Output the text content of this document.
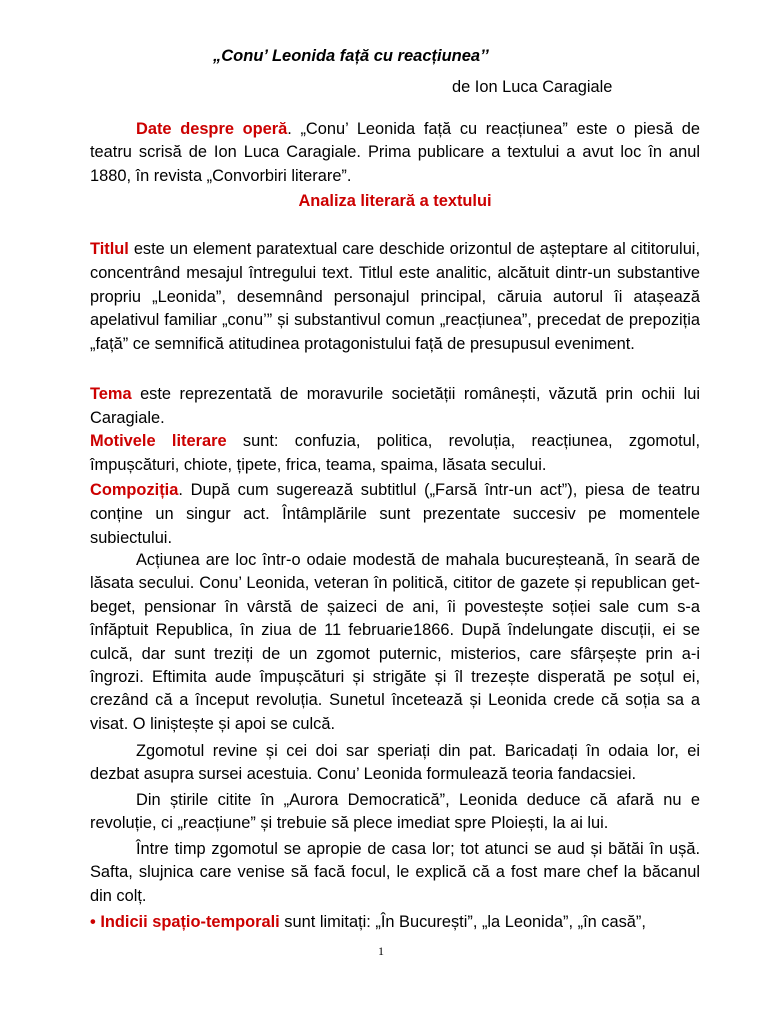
„Conu’ Leonida față cu reacțiunea’’
de Ion Luca Caragiale
Date despre operă. „Conu’ Leonida față cu reacțiunea” este o piesă de teatru scrisă de Ion Luca Caragiale. Prima publicare a textului a avut loc în anul 1880, în revista „Convorbiri literare”.
Analiza literară a textului
Titlul este un element paratextual care deschide orizontul de așteptare al cititorului, concentrând mesajul întregului text. Titlul este analitic, alcătuit dintr-un substantive propriu „Leonida”, desemnând personajul principal, căruia autorul îi atașează apelativul familiar „conu’” și substantivul comun „reacțiunea”, precedat de prepoziția „față” ce semnifică atitudinea protagonistului față de presupusul eveniment.
Tema este reprezentată de moravurile societății românești, văzută prin ochii lui Caragiale.
Motivele literare sunt: confuzia, politica, revoluția, reacțiunea, zgomotul, împușcături, chiote, țipete, frica, teama, spaima, lăsata secului.
Compoziția. După cum sugerează subtitlul („Farsă într-un act”), piesa de teatru conține un singur act. Întâmplările sunt prezentate succesiv pe momentele subiectului.

Acțiunea are loc într-o odaie modestă de mahala bucureșteană, în seară de lăsata secului. Conu’ Leonida, veteran în politică, cititor de gazete și republican get-beget, pensionar în vârstă de șaizeci de ani, îi povestește soției sale cum s-a înfăptuit Republica, în ziua de 11 februarie1866. După îndelungate discuții, ei se culcă, dar sunt treziți de un zgomot puternic, misterios, care sfârșește prin a-i îngrozi. Eftimita aude împușcături și strigăte și îl trezește disperată pe soțul ei, crezând că a început revoluția. Sunetul încetează și Leonida crede că soția sa a visat. O liniștește și apoi se culcă.

Zgomotul revine și cei doi sar speriați din pat. Baricadați în odaia lor, ei dezbat asupra sursei acestuia. Conu’ Leonida formulează teoria fandacsiei.

Din știrile citite în „Aurora Democratică”, Leonida deduce că afară nu e revoluție, ci „reacțiune” și trebuie să plece imediat spre Ploiești, la ai lui.

Între timp zgomotul se apropie de casa lor; tot atunci se aud și bătăi în ușă. Safta, slujnica care venise să facă focul, le explică că a fost mare chef la băcanul din colț.

• Indicii spațio-temporali sunt limitați: „În București”, „la Leonida”, „în casă”,
1
